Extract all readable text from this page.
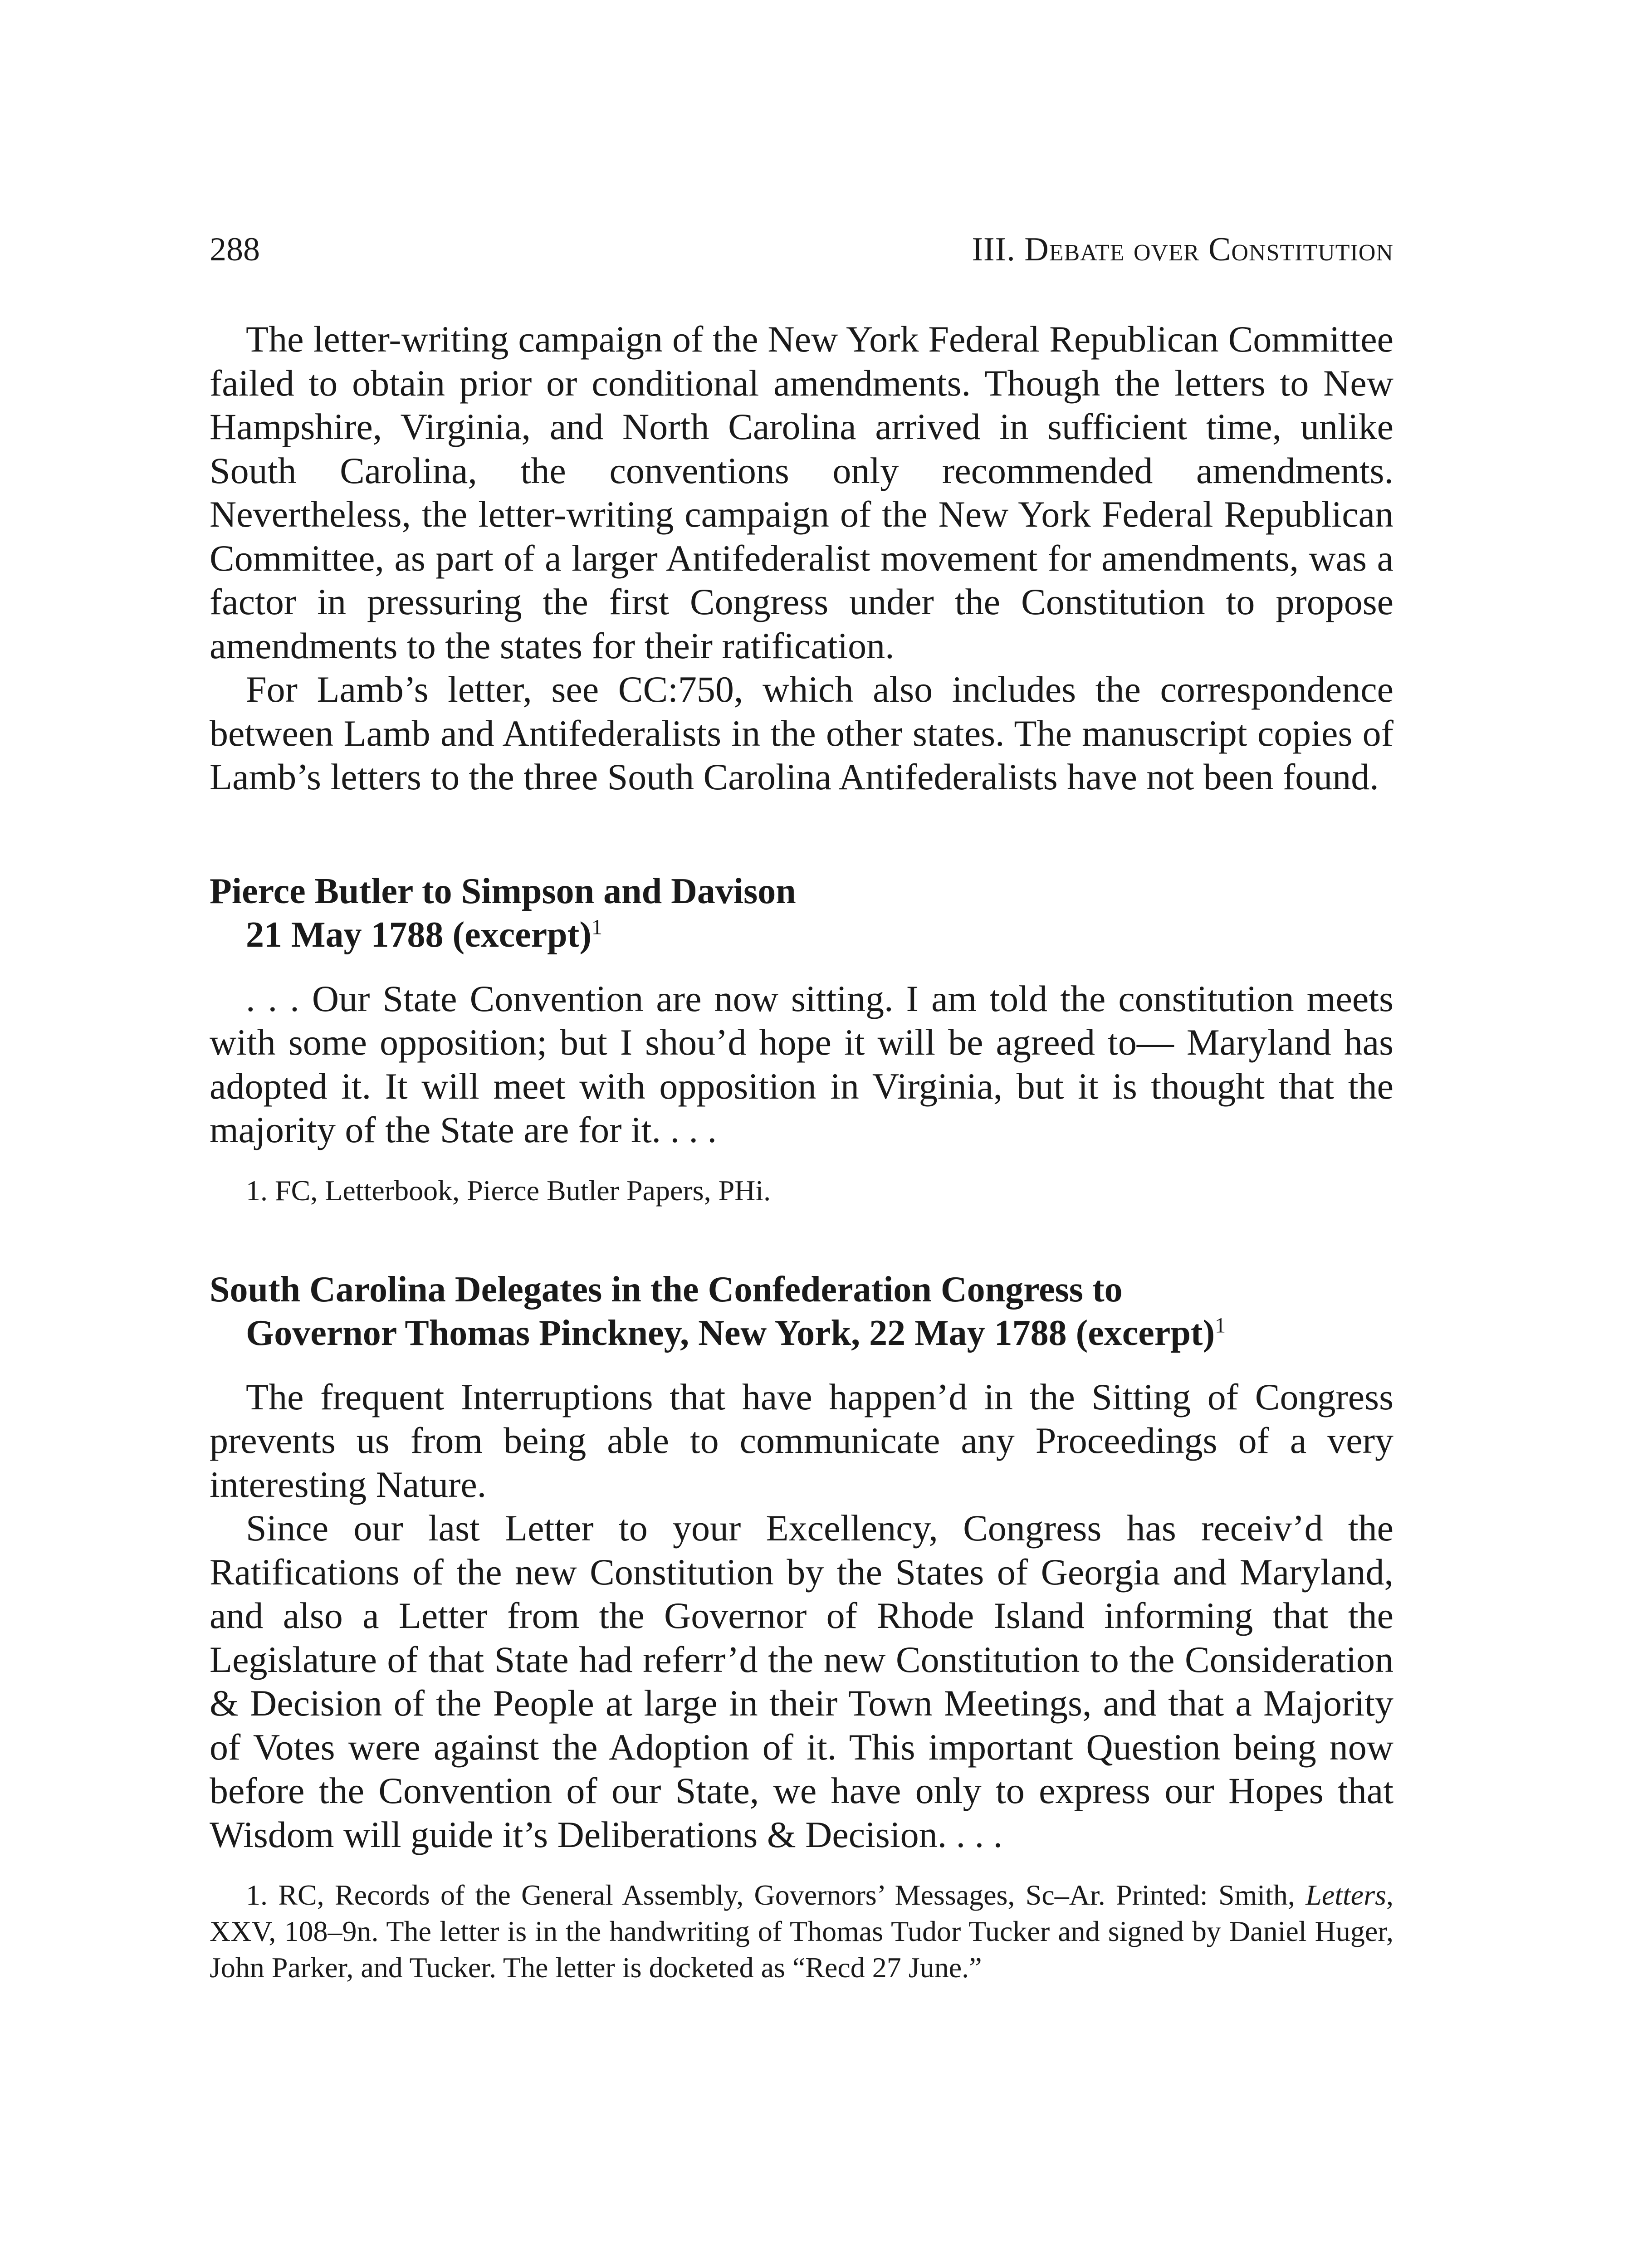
288	III. Debate over Constitution

The letter-writing campaign of the New York Federal Republican Committee failed to obtain prior or conditional amendments. Though the letters to New Hampshire, Virginia, and North Carolina arrived in sufficient time, unlike South Carolina, the conventions only recommended amendments. Nevertheless, the letter-writing campaign of the New York Federal Republican Committee, as part of a larger Antifederalist movement for amendments, was a factor in pressuring the first Congress under the Constitution to propose amendments to the states for their ratification.

For Lamb’s letter, see CC:750, which also includes the correspondence between Lamb and Antifederalists in the other states. The manuscript copies of Lamb’s letters to the three South Carolina Antifederalists have not been found.

Pierce Butler to Simpson and Davison
21 May 1788 (excerpt)$^1$

. . . Our State Convention are now sitting. I am told the constitution meets with some opposition; but I shou’d hope it will be agreed to— Maryland has adopted it. It will meet with opposition in Virginia, but it is thought that the majority of the State are for it. . . .

1. FC, Letterbook, Pierce Butler Papers, PHi.
South Carolina Delegates in the Confederation Congress to
Governor Thomas Pinckney, New York, 22 May 1788 (excerpt)$^1$

The frequent Interruptions that have happen’d in the Sitting of Congress prevents us from being able to communicate any Proceedings of a very interesting Nature.

Since our last Letter to your Excellency, Congress has receiv’d the Ratifications of the new Constitution by the States of Georgia and Maryland, and also a Letter from the Governor of Rhode Island informing that the Legislature of that State had referr’d the new Constitution to the Consideration & Decision of the People at large in their Town Meetings, and that a Majority of Votes were against the Adoption of it. This important Question being now before the Convention of our State, we have only to express our Hopes that Wisdom will guide it’s Deliberations & Decision. . . .

1. RC, Records of the General Assembly, Governors’ Messages, Sc–Ar. Printed: Smith, Letters, XXV, 108–9n. The letter is in the handwriting of Thomas Tudor Tucker and signed by Daniel Huger, John Parker, and Tucker. The letter is docketed as “Recd 27 June.”
